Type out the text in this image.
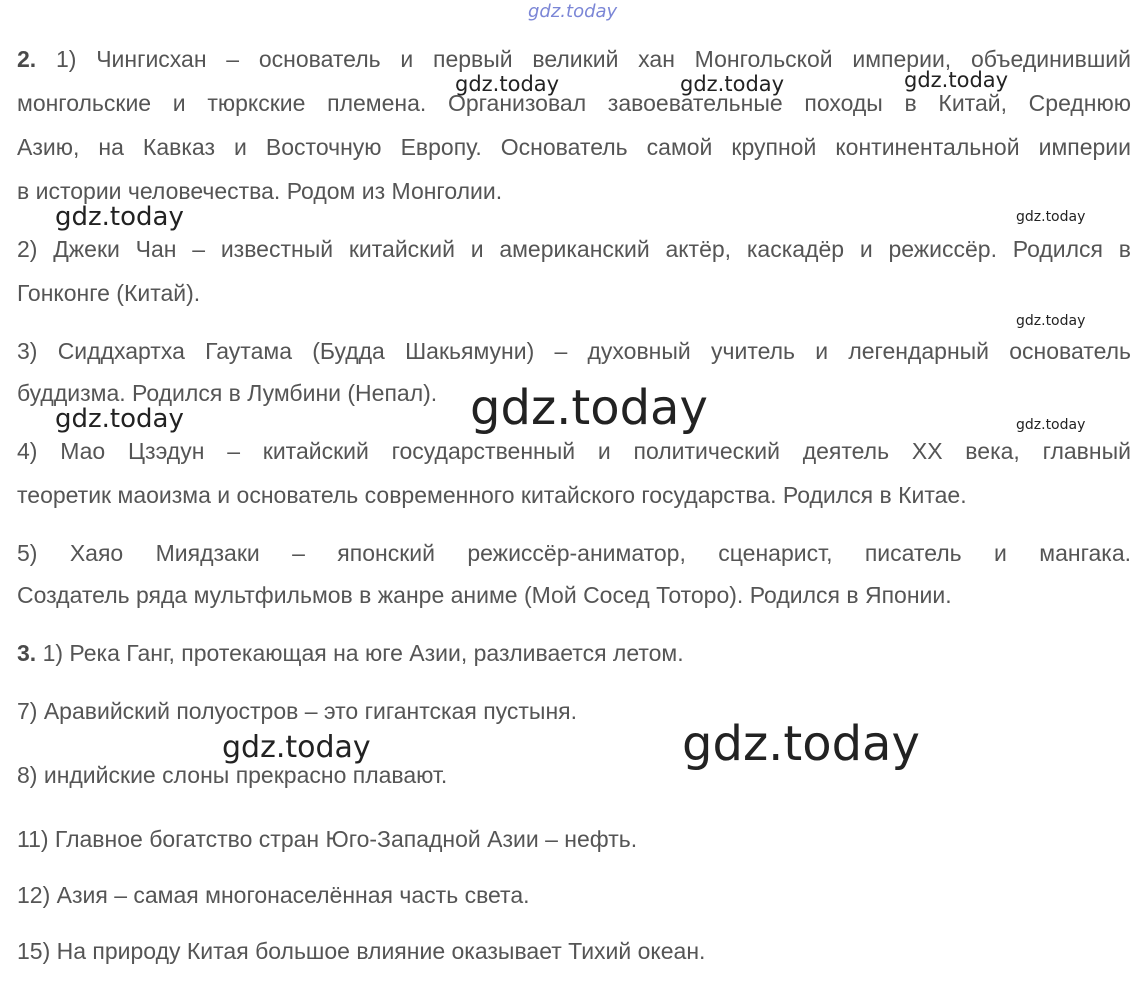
gdz.today
2. 1) Чингисхан – основатель и первый великий хан Монгольской империи, объединивший
монгольские и тюркские племена. Организовал завоевательные походы в Китай, Среднюю
Азию, на Кавказ и Восточную Европу. Основатель самой крупной континентальной империи
в истории человечества. Родом из Монголии.
2) Джеки Чан – известный китайский и американский актёр, каскадёр и режиссёр. Родился в
Гонконге (Китай).
3) Сиддхартха Гаутама (Будда Шакьямуни) – духовный учитель и легендарный основатель
буддизма. Родился в Лумбини (Непал).
4) Мао Цзэдун – китайский государственный и политический деятель XX века, главный
теоретик маоизма и основатель современного китайского государства. Родился в Китае.
5) Хаяо Миядзаки – японский режиссёр-аниматор, сценарист, писатель и мангака.
Создатель ряда мультфильмов в жанре аниме (Мой Сосед Тоторо). Родился в Японии.
3. 1) Река Ганг, протекающая на юге Азии, разливается летом.
7) Аравийский полуостров – это гигантская пустыня.
8) индийские слоны прекрасно плавают.
11) Главное богатство стран Юго-Западной Азии – нефть.
12) Азия – самая многонаселённая часть света.
15) На природу Китая большое влияние оказывает Тихий океан.
gdz.today	gdz.today	gdz.today
gdz.today	gdz.today
gdz.today
gdz.today
gdz.today	gdz.today
gdz.today	gdz.today
